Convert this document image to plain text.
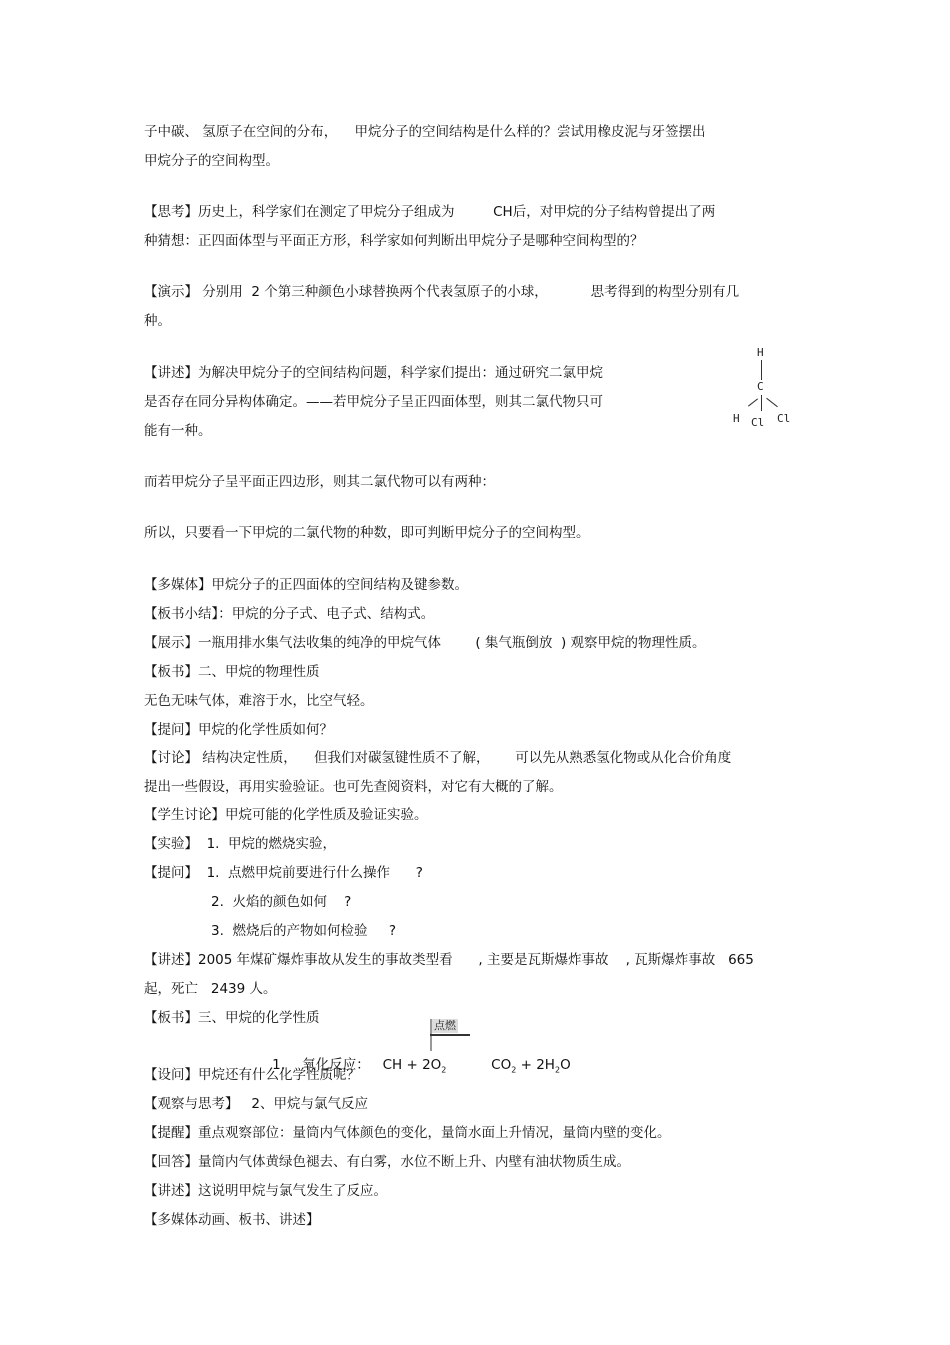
子中碳、 氢原子在空间的分布，    甲烷分子的空间结构是什么样的？尝试用橡皮泥与牙签摆出
甲烷分子的空间构型。
【思考】历史上，科学家们在测定了甲烷分子组成为         CH后，对甲烷的分子结构曾提出了两
种猜想：正四面体型与平面正方形，科学家如何判断出甲烷分子是哪种空间构型的？
【演示】 分别用  2 个第三种颜色小球替换两个代表氢原子的小球，          思考得到的构型分别有几
种。
【讲述】为解决甲烷分子的空间结构问题，科学家们提出：通过研究二氯甲烷
是否存在同分异构体确定。——若甲烷分子呈正四面体型，则其二氯代物只可
能有一种。
H
C
H Cl Cl
而若甲烷分子呈平面正四边形，则其二氯代物可以有两种：
所以，只要看一下甲烷的二氯代物的种数，即可判断甲烷分子的空间构型。
【多媒体】甲烷分子的正四面体的空间结构及键参数。
【板书小结】：甲烷的分子式、电子式、结构式。
【展示】一瓶用排水集气法收集的纯净的甲烷气体        ( 集气瓶倒放  ) 观察甲烷的物理性质。
【板书】二、甲烷的物理性质
无色无味气体，难溶于水，比空气轻。
【提问】甲烷的化学性质如何？
【讨论】 结构决定性质，    但我们对碳氢键性质不了解，      可以先从熟悉氢化物或从化合价角度
提出一些假设，再用实验验证。也可先查阅资料，对它有大概的了解。
【学生讨论】甲烷可能的化学性质及验证实验。
【实验】  1.  甲烷的燃烧实验，
【提问】  1.  点燃甲烷前要进行什么操作      ?
2.  火焰的颜色如何    ?
3.  燃烧后的产物如何检验     ?
【讲述】2005 年煤矿爆炸事故从发生的事故类型看      , 主要是瓦斯爆炸事故    , 瓦斯爆炸事故   665
起，死亡   2439 人。
【板书】三、甲烷的化学性质

1.    氧化反应：   CH + $2O_2$

点燃

$CO_2 + 2H_2O$

【设问】甲烷还有什么化学性质呢？
【观察与思考】   2、甲烷与氯气反应
【提醒】重点观察部位：量筒内气体颜色的变化，量筒水面上升情况，量筒内壁的变化。
【回答】量筒内气体黄绿色褪去、有白雾，水位不断上升、内壁有油状物质生成。
【讲述】这说明甲烷与氯气发生了反应。
【多媒体动画、板书、讲述】
